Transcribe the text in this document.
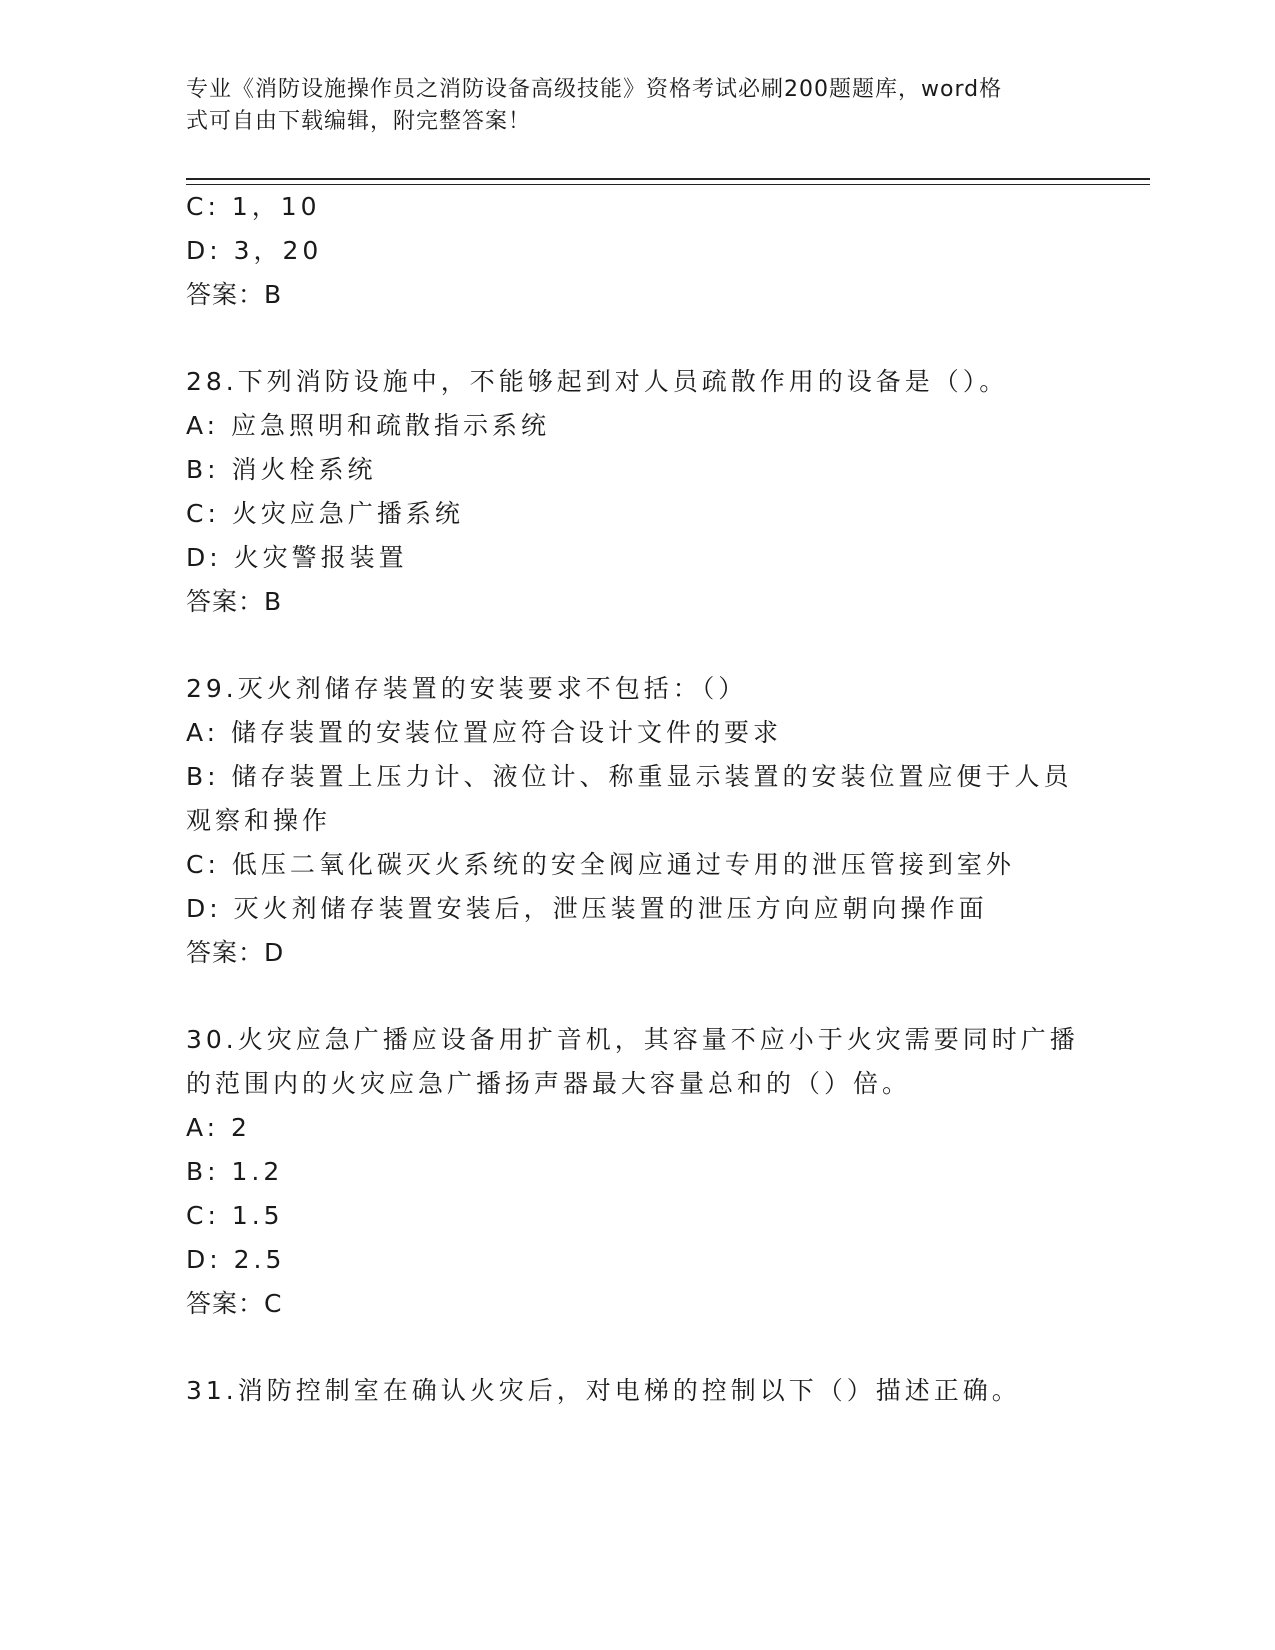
专业《消防设施操作员之消防设备高级技能》资格考试必刷200题题库，word格
式可自由下载编辑，附完整答案！
C: 1，10
D: 3，20
答案：B
28.下列消防设施中，不能够起到对人员疏散作用的设备是（）。
A: 应急照明和疏散指示系统
B: 消火栓系统
C: 火灾应急广播系统
D: 火灾警报装置
答案：B
29.灭火剂储存装置的安装要求不包括：（）
A: 储存装置的安装位置应符合设计文件的要求
B: 储存装置上压力计、液位计、称重显示装置的安装位置应便于人员
观察和操作
C: 低压二氧化碳灭火系统的安全阀应通过专用的泄压管接到室外
D: 灭火剂储存装置安装后，泄压装置的泄压方向应朝向操作面
答案：D
30.火灾应急广播应设备用扩音机，其容量不应小于火灾需要同时广播
的范围内的火灾应急广播扬声器最大容量总和的（）倍。
A: 2
B: 1.2
C: 1.5
D: 2.5
答案：C
31.消防控制室在确认火灾后，对电梯的控制以下（）描述正确。
